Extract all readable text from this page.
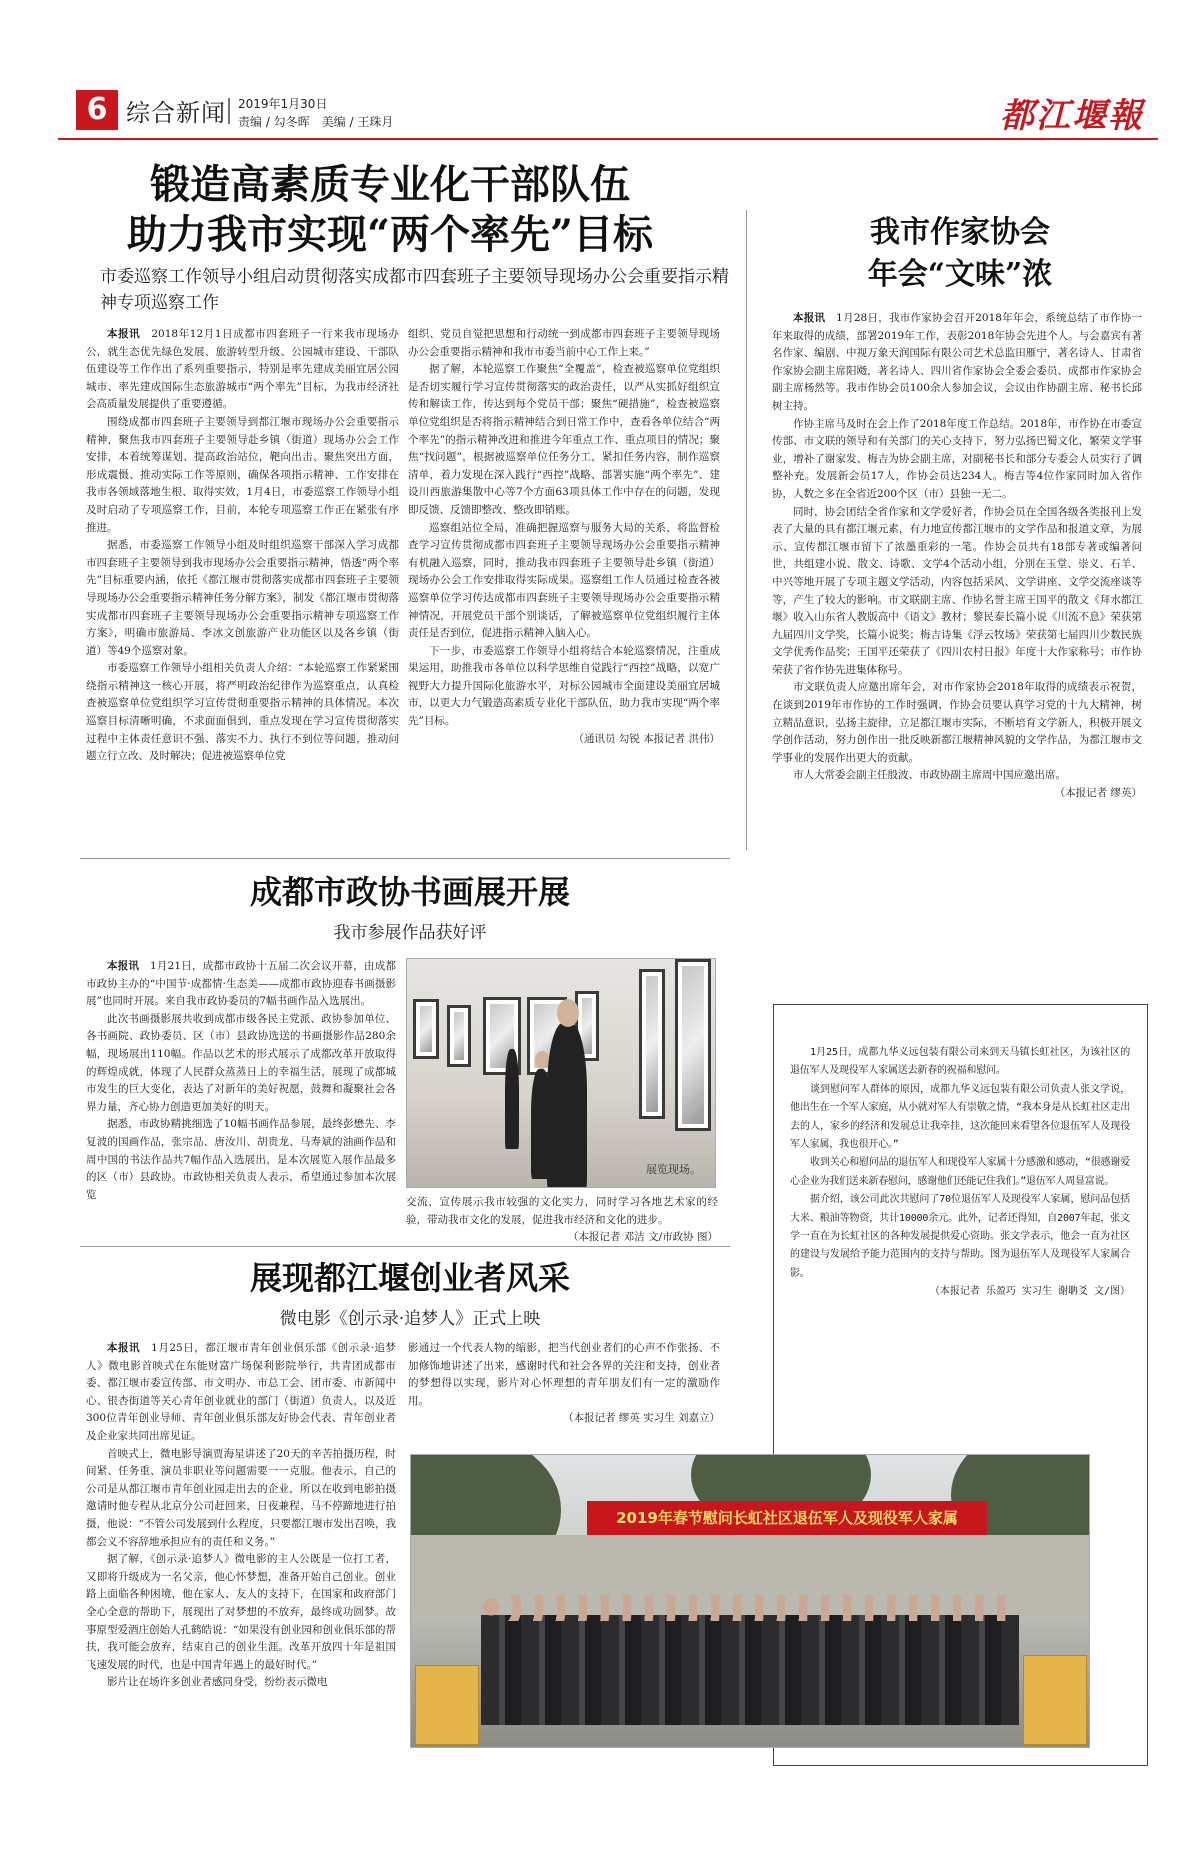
6 综合新闻 2019年1月30日
责编 / 勾冬晖　美编 / 王珠月	都江堰報
锻造高素质专业化干部队伍
助力我市实现“两个率先”目标
市委巡察工作领导小组启动贯彻落实成都市四套班子主要领导现场办公会重要指示精神专项巡察工作

本报讯　 2018年12月1日成都市四套班子一行来我市现场办公，就生态优先绿色发展、旅游转型升级、公园城市建设、干部队伍建设等工作作出了系列重要指示，特别是率先建成美丽宜居公园城市、率先建成国际生态旅游城市“两个率先”目标，为我市经济社会高质量发展提供了重要遵循。

围绕成都市四套班子主要领导到都江堰市现场办公会重要指示精神，聚焦我市四套班子主要领导赴乡镇（街道）现场办公会工作安排，本着统筹谋划、提高政治站位，靶向出击、聚焦突出方面，形成震慑、推动实际工作等原则，确保各项指示精神、工作安排在我市各领域落地生根、取得实效，1月4日，市委巡察工作领导小组及时启动了专项巡察工作，目前，本轮专项巡察工作正在紧张有序推进。

据悉，市委巡察工作领导小组及时组织巡察干部深入学习成都市四套班子主要领导到我市现场办公会重要指示精神，悟透“两个率先”目标重要内涵，依托《都江堰市贯彻落实成都市四套班子主要领导现场办公会重要指示精神任务分解方案》，制发《都江堰市贯彻落实成都市四套班子主要领导现场办公会重要指示精神专项巡察工作方案》，明确市旅游局、李冰文创旅游产业功能区以及各乡镇（街道）等49个巡察对象。

市委巡察工作领导小组相关负责人介绍：“本轮巡察工作紧紧围绕指示精神这一核心开展，将严明政治纪律作为巡察重点，认真检查被巡察单位党组织学习宣传贯彻重要指示精神的具体情况。本次巡察目标清晰明确，不求面面俱到，重点发现在学习宣传贯彻落实过程中主体责任意识不强、落实不力、执行不到位等问题，推动问题立行立改、及时解决；促进被巡察单位党

组织、党员自觉把思想和行动统一到成都市四套班子主要领导现场办公会重要指示精神和我市市委当前中心工作上来。”

据了解，本轮巡察工作聚焦“全覆盖”，检查被巡察单位党组织是否切实履行学习宣传贯彻落实的政治责任，以严从实抓好组织宣传和解读工作，传达到每个党员干部；聚焦“硬措施”，检查被巡察单位党组织是否将指示精神结合到日常工作中，查看各单位结合“两个率先”的指示精神改进和推进今年重点工作、重点项目的情况；聚焦“找问题”，根据被巡察单位任务分工，紧扣任务内容，制作巡察清单，着力发现在深入践行“西控”战略、部署实施“两个率先”、建设川西旅游集散中心等7个方面63项具体工作中存在的问题，发现即反馈、反馈即整改、整改即销账。

巡察组站位全局，准确把握巡察与服务大局的关系，将监督检查学习宣传贯彻成都市四套班子主要领导现场办公会重要指示精神有机融入巡察，同时，推动我市四套班子主要领导赴乡镇（街道）现场办公会工作安排取得实际成果。巡察组工作人员通过检查各被巡察单位学习传达成都市四套班子主要领导现场办公会重要指示精神情况，开展党员干部个别谈话，了解被巡察单位党组织履行主体责任是否到位，促进指示精神入脑入心。

下一步，市委巡察工作领导小组将结合本轮巡察情况，注重成果运用，助推我市各单位以科学思维自觉践行“西控”战略，以宽广视野大力提升国际化旅游水平，对标公园城市全面建设美丽宜居城市，以更大力气锻造高素质专业化干部队伍，助力我市实现“两个率先”目标。

（通讯员 勾锐 本报记者 洪伟）

我市作家协会
年会“文味”浓

本报讯　 1月28日，我市作家协会召开2018年年会，系统总结了市作协一年来取得的成绩，部署2019年工作，表彰2018年协会先进个人。与会嘉宾有著名作家、编剧、中视万象天润国际有限公司艺术总监田雁宁，著名诗人、甘肃省作家协会副主席阳飏，著名诗人、四川省作家协会全委会委员、成都市作家协会副主席杨然等。我市作协会员100余人参加会议，会议由作协副主席、秘书长邱树主持。

作协主席马及时在会上作了2018年度工作总结。2018年，市作协在市委宣传部、市文联的领导和有关部门的关心支持下，努力弘扬巴蜀文化，繁荣文学事业，增补了谢家发、梅吉为协会副主席，对副秘书长和部分专委会人员实行了调整补充。发展新会员17人，作协会员达234人。梅吉等4位作家同时加入省作协，人数之多在全省近200个区（市）县独一无二。

同时，协会团结全省作家和文学爱好者，作协会员在全国各级各类报刊上发表了大量的具有都江堰元素，有力地宣传都江堰市的文学作品和报道文章，为展示、宣传都江堰市留下了浓墨重彩的一笔。作协会员共有18部专著或编著问世，共组建小说、散文、诗歌、文学4个活动小组，分别在玉堂、崇义、石羊、中兴等地开展了专项主题文学活动，内容包括采风、文学讲座、文学交流座谈等等，产生了较大的影响。市文联副主席、作协名誉主席王国平的散文《拜水都江堰》收入山东省人教版高中《语文》教材；黎民泰长篇小说《川流不息》荣获第九届四川文学奖，长篇小说奖；梅吉诗集《浮云牧场》荣获第七届四川少数民族文学优秀作品奖；王国平还荣获了《四川农村日报》年度十大作家称号；市作协荣获了省作协先进集体称号。

市文联负责人应邀出席年会，对市作家协会2018年取得的成绩表示祝贺，在谈到2019年市作协的工作时强调，作协会员要认真学习党的十九大精神，树立精品意识，弘扬主旋律，立足都江堰市实际，不断培育文学新人，积极开展文学创作活动，努力创作出一批反映新都江堰精神风貌的文学作品，为都江堰市文学事业的发展作出更大的贡献。

市人大常委会副主任殷波、市政协副主席周中国应邀出席。

（本报记者 缪英）

成都市政协书画展开展
我市参展作品获好评

本报讯　 1月21日，成都市政协十五届二次会议开幕，由成都市政协主办的“中国节·成都情·生态美——成都市政协迎春书画摄影展”也同时开展。来自我市政协委员的7幅书画作品入选展出。

此次书画摄影展共收到成都市级各民主党派、政协参加单位、各书画院、政协委员、区（市）县政协选送的书画摄影作品280余幅，现场展出110幅。作品以艺术的形式展示了成都改革开放取得的辉煌成就，体现了人民群众蒸蒸日上的幸福生活，展现了成都城市发生的巨大变化，表达了对新年的美好祝愿，鼓舞和凝聚社会各界力量，齐心协力创造更加美好的明天。

据悉，市政协精挑细选了10幅书画作品参展，最终彭懋先、李复波的国画作品，张宗品、唐汝川、胡贵龙、马寿斌的油画作品和周中国的书法作品共7幅作品入选展出，是本次展览入展作品最多的区（市）县政协。市政协相关负责人表示，希望通过参加本次展览

展览现场。

交流，宣传展示我市较强的文化实力，同时学习各地艺术家的经验，带动我市文化的发展，促进我市经济和文化的进步。

（本报记者 邓洁 文/市政协 图）

展现都江堰创业者风采
微电影《创示录·追梦人》正式上映

本报讯　 1月25日，都江堰市青年创业俱乐部《创示录·追梦人》微电影首映式在东能财富广场保利影院举行，共青团成都市委、都江堰市委宣传部、市文明办、市总工会、团市委、市新闻中心、银杏街道等关心青年创业就业的部门（街道）负责人，以及近300位青年创业导师、青年创业俱乐部友好协会代表、青年创业者及企业家共同出席见证。

首映式上，微电影导演贾海星讲述了20天的辛苦拍摄历程，时间紧、任务重、演员非职业等问题需要一一克服。他表示，自己的公司是从都江堰市青年创业园走出去的企业，所以在收到电影拍摄邀请时他专程从北京分公司赶回来，日夜兼程、马不停蹄地进行拍摄，他说：“不管公司发展到什么程度，只要都江堰市发出召唤，我都会义不容辞地承担应有的责任和义务。”

据了解，《创示录·追梦人》微电影的主人公既是一位打工者，又即将升级成为一名父亲，他心怀梦想，准备开始自己创业。创业路上面临各种困境，他在家人、友人的支持下，在国家和政府部门全心全意的帮助下，展现出了对梦想的不放弃，最终成功圆梦。故事原型爱酒庄创始人孔鹤皓说：“如果没有创业园和创业俱乐部的帮扶，我可能会放弃，结束自己的创业生涯。改革开放四十年是祖国飞速发展的时代，也是中国青年遇上的最好时代。”

影片让在场许多创业者感同身受，纷纷表示微电

影通过一个代表人物的缩影，把当代创业者们的心声不作张扬、不加修饰地讲述了出来，感谢时代和社会各界的关注和支持，创业者的梦想得以实现，影片对心怀理想的青年朋友们有一定的激励作用。

（本报记者 缪英 实习生 刘嘉立）

1月25日，成都九华义远包装有限公司来到天马镇长虹社区，为该社区的退伍军人及现役军人家属送去新春的祝福和慰问。

谈到慰问军人群体的原因，成都九华义远包装有限公司负责人张文学说，他出生在一个军人家庭，从小就对军人有崇敬之情，“我本身是从长虹社区走出去的人，家乡的经济和发展总让我牵挂，这次能回来看望各位退伍军人及现役军人家属，我也很开心。”

收到关心和慰问品的退伍军人和现役军人家属十分感激和感动，“很感谢爱心企业为我们送来新春慰问，感谢他们还能记住我们。”退伍军人周显富说。

据介绍，该公司此次共慰问了70位退伍军人及现役军人家属，慰问品包括大米、粮油等物资，共计10000余元。此外，记者还得知，自2007年起，张文学一直在为长虹社区的各种发展提供爱心资助。张文学表示，他会一直为社区的建设与发展给予能力范围内的支持与帮助。图为退伍军人及现役军人家属合影。

（本报记者 乐盈巧 实习生 谢聃爻 文/图）

2019年春节慰问长虹社区退伍军人及现役军人家属
